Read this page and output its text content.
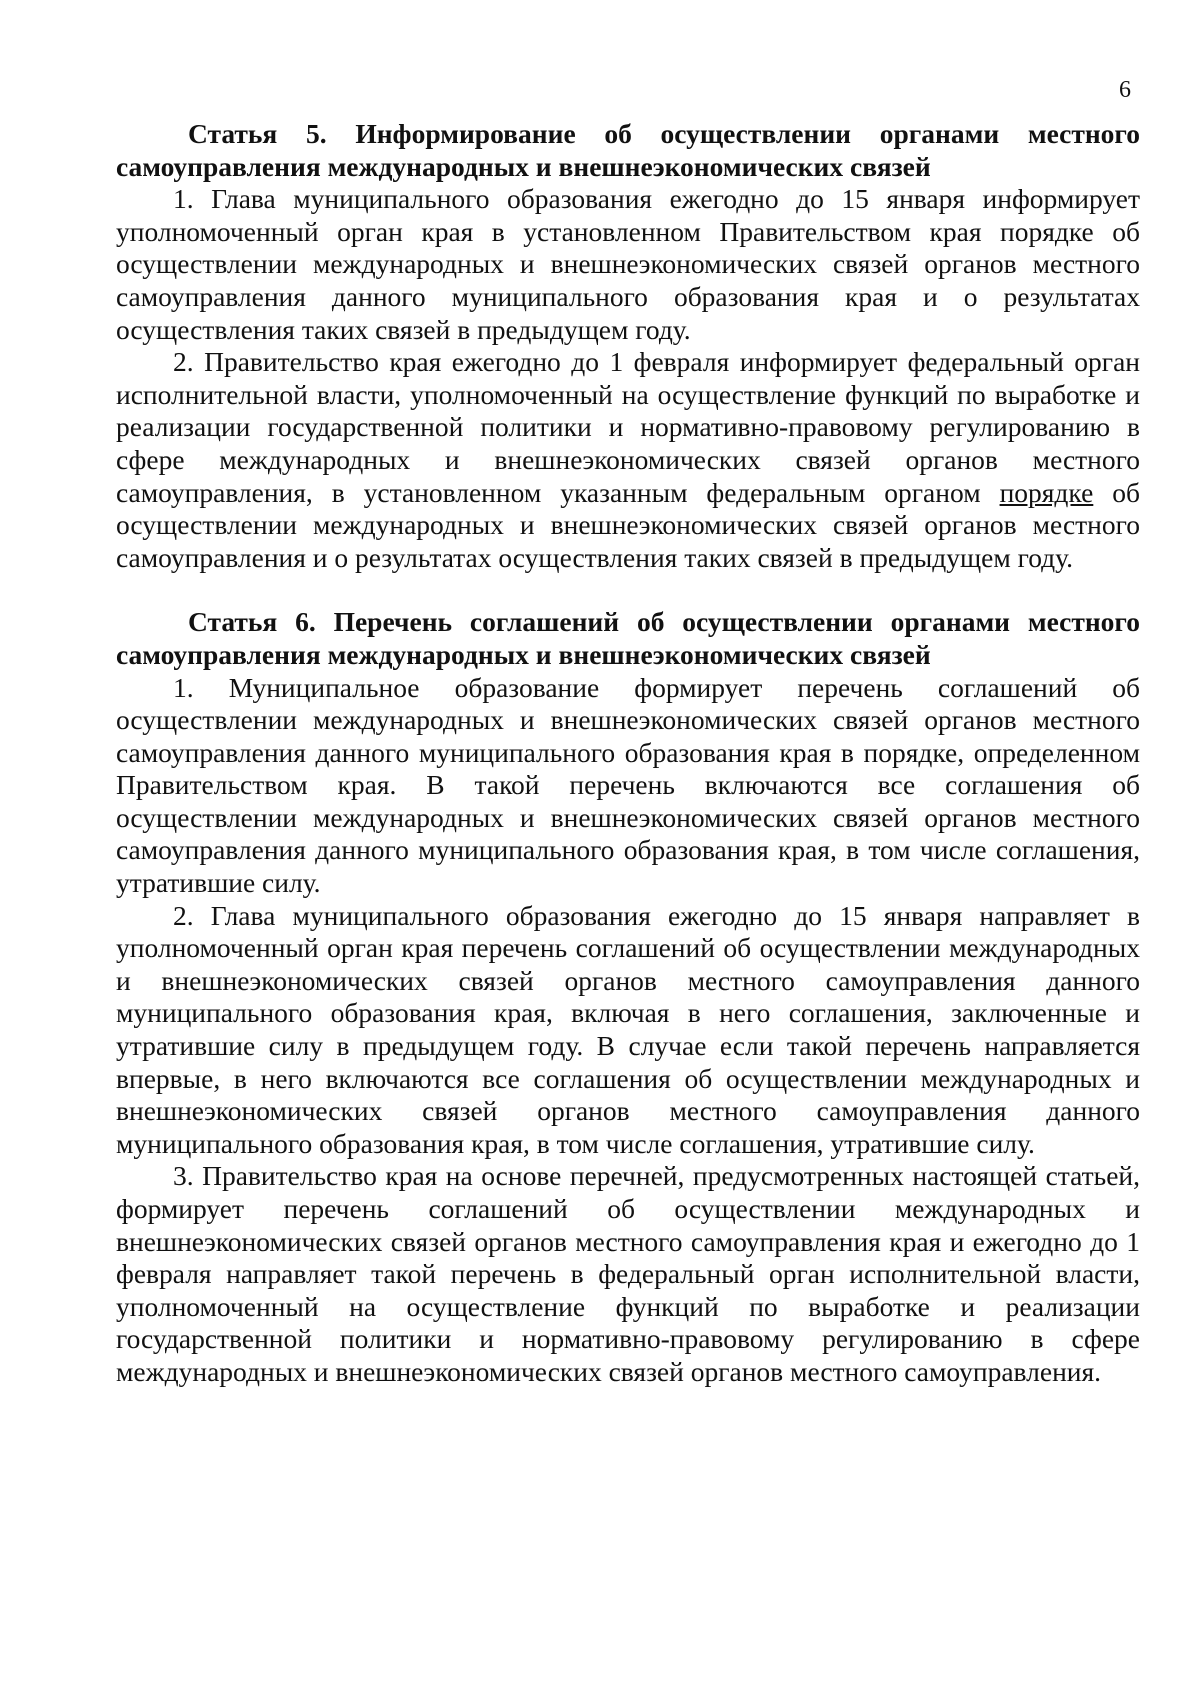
6

Статья 5. Информирование об осуществлении органами местного самоуправления международных и внешнеэкономических связей

1. Глава муниципального образования ежегодно до 15 января информирует уполномоченный орган края в установленном Правительством края порядке об осуществлении международных и внешнеэкономических связей органов местного самоуправления данного муниципального образования края и о результатах осуществления таких связей в предыдущем году.

2. Правительство края ежегодно до 1 февраля информирует федеральный орган исполнительной власти, уполномоченный на осуществление функций по выработке и реализации государственной политики и нормативно-правовому регулированию в сфере международных и внешнеэкономических связей органов местного самоуправления, в установленном указанным федеральным органом порядке об осуществлении международных и внешнеэкономических связей органов местного самоуправления и о результатах осуществления таких связей в предыдущем году.

Статья 6. Перечень соглашений об осуществлении органами местного самоуправления международных и внешнеэкономических связей

1. Муниципальное образование формирует перечень соглашений об осуществлении международных и внешнеэкономических связей органов местного самоуправления данного муниципального образования края в порядке, определенном Правительством края. В такой перечень включаются все соглашения об осуществлении международных и внешнеэкономических связей органов местного самоуправления данного муниципального образования края, в том числе соглашения, утратившие силу.

2. Глава муниципального образования ежегодно до 15 января направляет в уполномоченный орган края перечень соглашений об осуществлении международных и внешнеэкономических связей органов местного самоуправления данного муниципального образования края, включая в него соглашения, заключенные и утратившие силу в предыдущем году. В случае если такой перечень направляется впервые, в него включаются все соглашения об осуществлении международных и внешнеэкономических связей органов местного самоуправления данного муниципального образования края, в том числе соглашения, утратившие силу.

3. Правительство края на основе перечней, предусмотренных настоящей статьей, формирует перечень соглашений об осуществлении международных и внешнеэкономических связей органов местного самоуправления края и ежегодно до 1 февраля направляет такой перечень в федеральный орган исполнительной власти, уполномоченный на осуществление функций по выработке и реализации государственной политики и нормативно-правовому регулированию в сфере международных и внешнеэкономических связей органов местного самоуправления.
